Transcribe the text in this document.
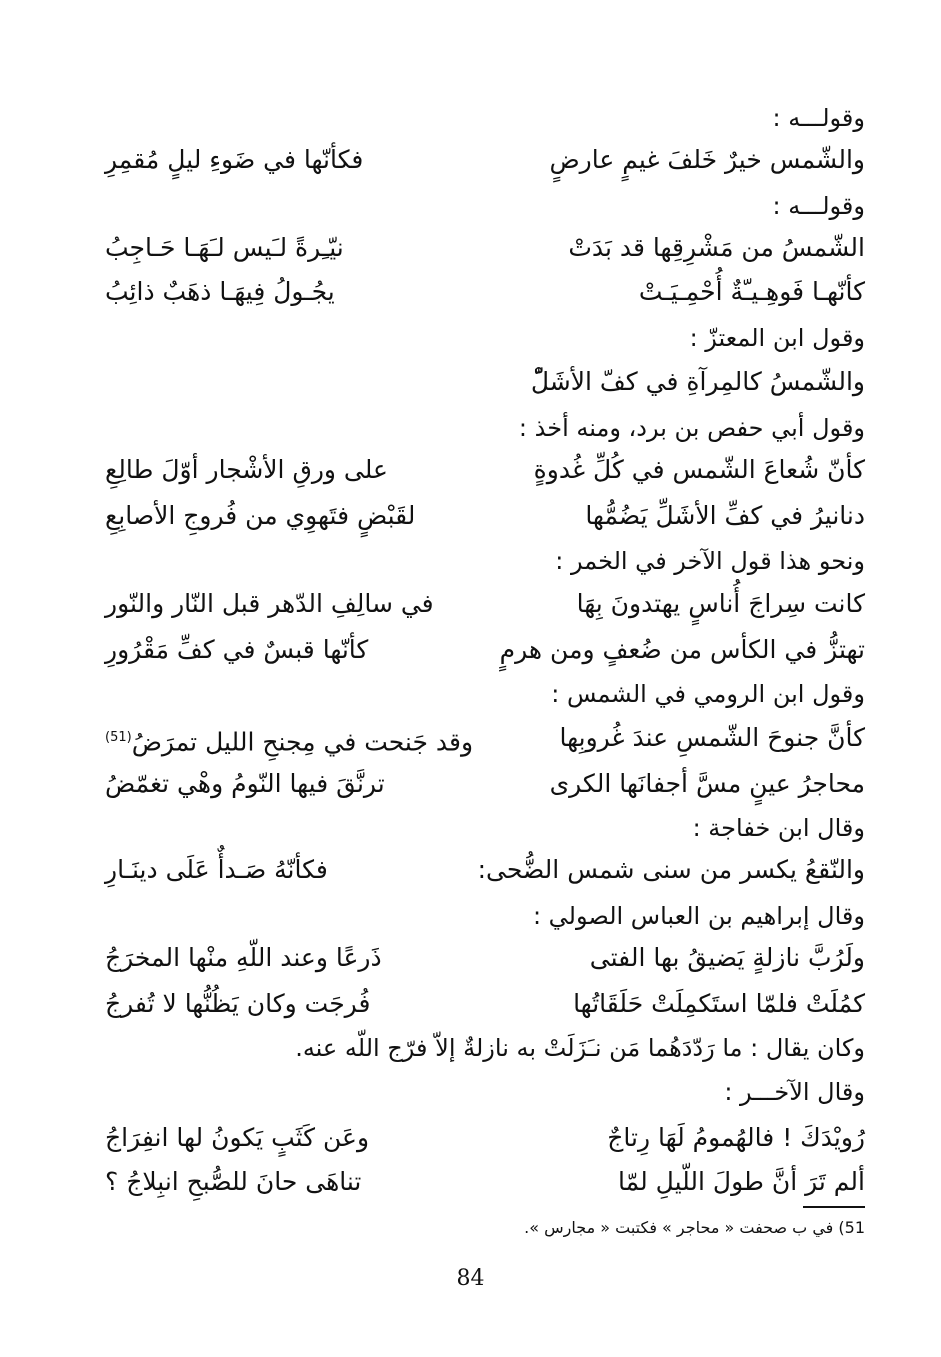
وقولـــه :
والشّمس خيرٌ خَلفَ غيمٍ عارضٍ
فكأنّها في ضَوءِ ليلٍ مُقمِرِ
وقولـــه :
الشّمسُ من مَشْرِقِها قد بَدَتْ
نيّـِرةً لـَيس لـَهَـا حَـاجِبُ
كأنّهـا فَوهِـيـّةٌ أُحْمِـيَـتْ
يجُـولُ فِيهَـا ذهَبٌ ذائِبُ
وقول ابن المعتزّ :
والشّمسُ كالمِرآةِ في كفّ الأشَلّْ
وقول أبي حفص بن برد، ومنه أخذ :
كأنّ شُعاعَ الشّمس في كُلِّ غُدوةٍ
على ورقِ الأشْجار أوّلَ طالِعِ
دنانيرُ في كفِّ الأشَلِّ يَضُمُّها
لقَبْضٍ فتَهوِي من فُروجِ الأصابِعِ
ونحو هذا قول الآخر في الخمر :
كانت سِراجَ أُناسٍ يهتدونَ بِهَا
في سالِفِ الدّهر قبل النّار والنّور
تهتزُّ في الكأس من ضُعفٍ ومن هرمٍ
كأنّها قبسٌ في كفِّ مَقْرُورِ
وقول ابن الرومي في الشمس :
كأنَّ جنوحَ الشّمسِ عندَ غُروبِها
وقد جَنحت في مِجنحِ الليل تمرَضُ$^{(51)}$
محاجرُ عينٍ مسَّ أجفانَها الكرى
ترنَّقَ فيها النّومُ وهْي تغمّضُ
وقال ابن خفاجة :
والنّقعُ يكسر من سنى شمس الضُّحى:
فكأنّهُ صَـدأٌ عَلَى دينَـارِ
وقال إبراهيم بن العباس الصولي :
ولَرُبَّ نازلةٍ يَضيقُ بها الفتى
ذَرعًا وعند اللّهِ منْها المخرَجُ
كمُلَتْ فلمّا استَكمِلَتْ حَلَقَاتُها
فُرجَت وكان يَظُنُّها لا تُفرجُ
وكان يقال : ما رَدّدَهُما مَن نـَزَلَتْ به نازلةٌ إلاّ فرّج اللّه عنه.
وقال الآخـــر :
رُويْدَكَ ! فالهُمومُ لَهَا رِتاجٌ
وعَن كَثَبٍ يَكونُ لها انفِرَاجُ
ألم تَرَ أنَّ طولَ اللّيلِ لمّا
تناهَى حانَ للصُّبحِ انبِلاجُ ؟
51) في ب صحفت « محاجر » فكتبت « مجارس ».
84
